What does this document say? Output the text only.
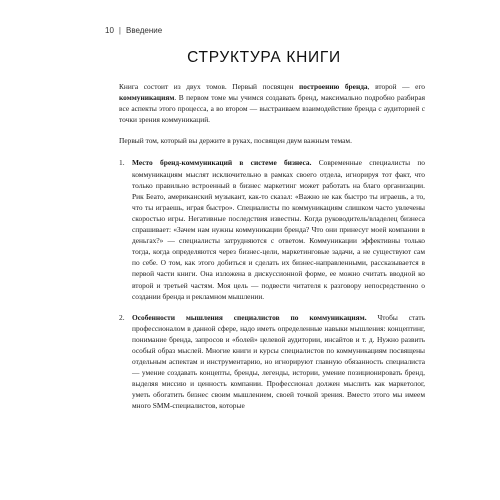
10 | Введение
СТРУКТУРА КНИГИ

Книга состоит из двух томов. Первый посвящен построению бренда, второй — его коммуникациям. В первом томе мы учимся создавать бренд, максимально подробно разбирая все аспекты этого процесса, а во втором — выстраиваем взаимодействие бренда с аудиторией с точки зрения коммуникаций.

Первый том, который вы держите в руках, посвящен двум важным темам.

1. Место бренд-коммуникаций в системе бизнеса. Современные специалисты по коммуникациям мыслят исключительно в рамках своего отдела, игнорируя тот факт, что только правильно встроенный в бизнес маркетинг может работать на благо организации. Рик Беато, американский музыкант, как-то сказал: «Важно не как быстро ты играешь, а то, что ты играешь, играя быстро». Специалисты по коммуникациям слишком часто увлечены скоростью игры. Негативные последствия известны. Когда руководитель/владелец бизнеса спрашивает: «Зачем нам нужны коммуникации бренда? Что они принесут моей компании в деньгах?» — специалисты затрудняются с ответом. Коммуникации эффективны только тогда, когда определяются через бизнес-цели, маркетинговые задачи, а не существуют сам по себе. О том, как этого добиться и сделать их бизнес-направленными, рассказывается в первой части книги. Она изложена в дискуссионной форме, ее можно считать вводной ко второй и третьей частям. Моя цель — подвести читателя к разговору непосредственно о создании бренда и рекламном мышлении.
2. Особенности мышления специалистов по коммуникациям. Чтобы стать профессионалом в данной сфере, надо иметь определенные навыки мышления: концептинг, понимание бренда, запросов и «болей» целевой аудитории, инсайтов и т. д. Нужно развить особый образ мыслей. Многие книги и курсы специалистов по коммуникациям посвящены отдельным аспектам и инструментарию, но игнорируют главную обязанность специалиста — умение создавать концепты, бренды, легенды, истории, умение позиционировать бренд, выделяя миссию и ценность компании. Профессионал должен мыслить как маркетолог, уметь обогатить бизнес своим мышлением, своей точкой зрения. Вместо этого мы имеем много SMM-специалистов, которые
